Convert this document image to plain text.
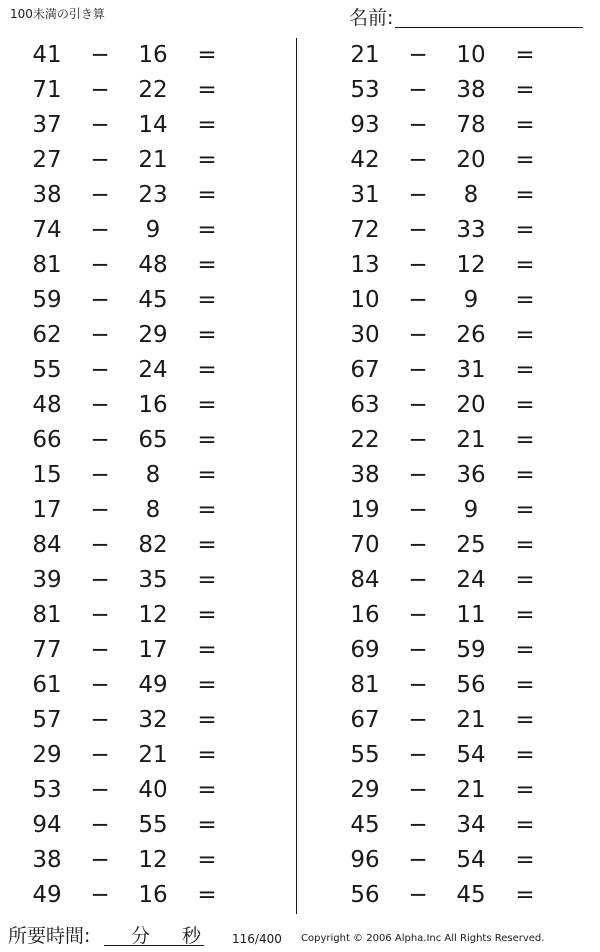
100未満の引き算	名前:
41	−	16	=
71	−	22	=
37	−	14	=
27	−	21	=
38	−	23	=
74	−	9	=
81	−	48	=
59	−	45	=
62	−	29	=
55	−	24	=
48	−	16	=
66	−	65	=
15	−	8	=
17	−	8	=
84	−	82	=
39	−	35	=
81	−	12	=
77	−	17	=
61	−	49	=
57	−	32	=
29	−	21	=
53	−	40	=
94	−	55	=
38	−	12	=
49	−	16	=
21	−	10	=
53	−	38	=
93	−	78	=
42	−	20	=
31	−	8	=
72	−	33	=
13	−	12	=
10	−	9	=
30	−	26	=
67	−	31	=
63	−	20	=
22	−	21	=
38	−	36	=
19	−	9	=
70	−	25	=
84	−	24	=
16	−	11	=
69	−	59	=
81	−	56	=
67	−	21	=
55	−	54	=
29	−	21	=
45	−	34	=
96	−	54	=
56	−	45	=
所要時間: 分 秒	116/400 Copyright © 2006 Alpha.Inc All Rights Reserved.
